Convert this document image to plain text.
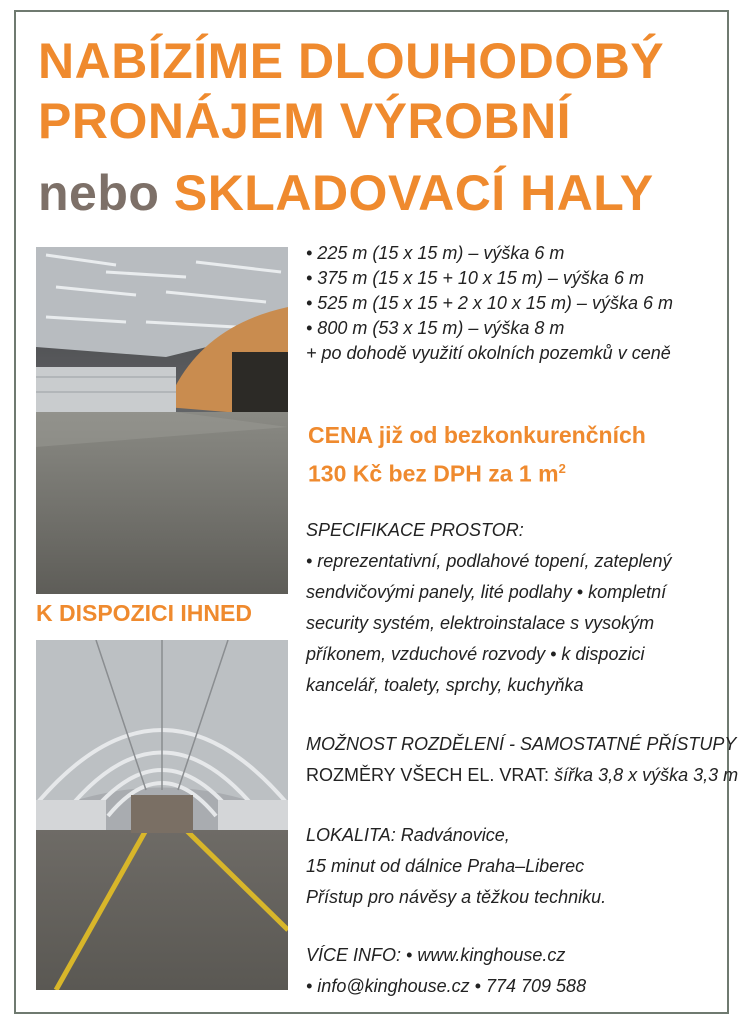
NABÍZÍME DLOUHODOBÝ
PRONÁJEM VÝROBNÍ
nebo SKLADOVACÍ HALY
K DISPOZICI IHNED
• 225 m (15 x 15 m) – výška 6 m
• 375 m (15 x 15 + 10 x 15 m) – výška 6 m
• 525 m (15 x 15 + 2 x 10 x 15 m) – výška 6 m
• 800 m (53 x 15 m) – výška 8 m
+ po dohodě využití okolních pozemků v ceně
CENA již od bezkonkurenčních
130 Kč bez DPH za 1 $m^2$
SPECIFIKACE PROSTOR:
• reprezentativní, podlahové topení, zateplený
sendvičovými panely, lité podlahy • kompletní
security systém, elektroinstalace s vysokým
příkonem, vzduchové rozvody • k dispozici
kancelář, toalety, sprchy, kuchyňka
MOŽNOST ROZDĚLENÍ - SAMOSTATNÉ PŘÍSTUPY
ROZMĚRY VŠECH EL. VRAT: šířka 3,8 x výška 3,3 m
LOKALITA: Radvánovice,
15 minut od dálnice Praha–Liberec
Přístup pro návěsy a těžkou techniku.
VÍCE INFO: • www.kinghouse.cz
• info@kinghouse.cz • 774 709 588
